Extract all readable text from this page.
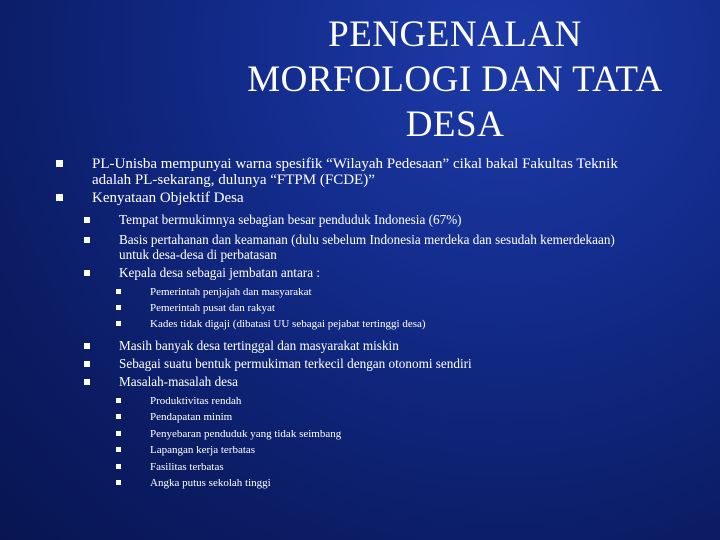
PENGENALAN
MORFOLOGI DAN TATA
DESA
PL-Unisba mempunyai warna spesifik “Wilayah Pedesaan” cikal bakal Fakultas Teknik adalah PL-sekarang, dulunya “FTPM (FCDE)”
Kenyataan Objektif Desa
Tempat bermukimnya sebagian besar penduduk Indonesia (67%)
Basis pertahanan dan keamanan (dulu sebelum Indonesia merdeka dan sesudah kemerdekaan) untuk desa-desa di perbatasan
Kepala desa sebagai jembatan antara :
Pemerintah penjajah dan masyarakat
Pemerintah pusat dan rakyat
Kades tidak digaji (dibatasi UU sebagai pejabat tertinggi desa)
Masih banyak desa tertinggal dan masyarakat miskin
Sebagai suatu bentuk permukiman terkecil dengan otonomi sendiri
Masalah-masalah desa
Produktivitas rendah
Pendapatan minim
Penyebaran penduduk yang tidak seimbang
Lapangan kerja terbatas
Fasilitas terbatas
Angka putus sekolah tinggi
